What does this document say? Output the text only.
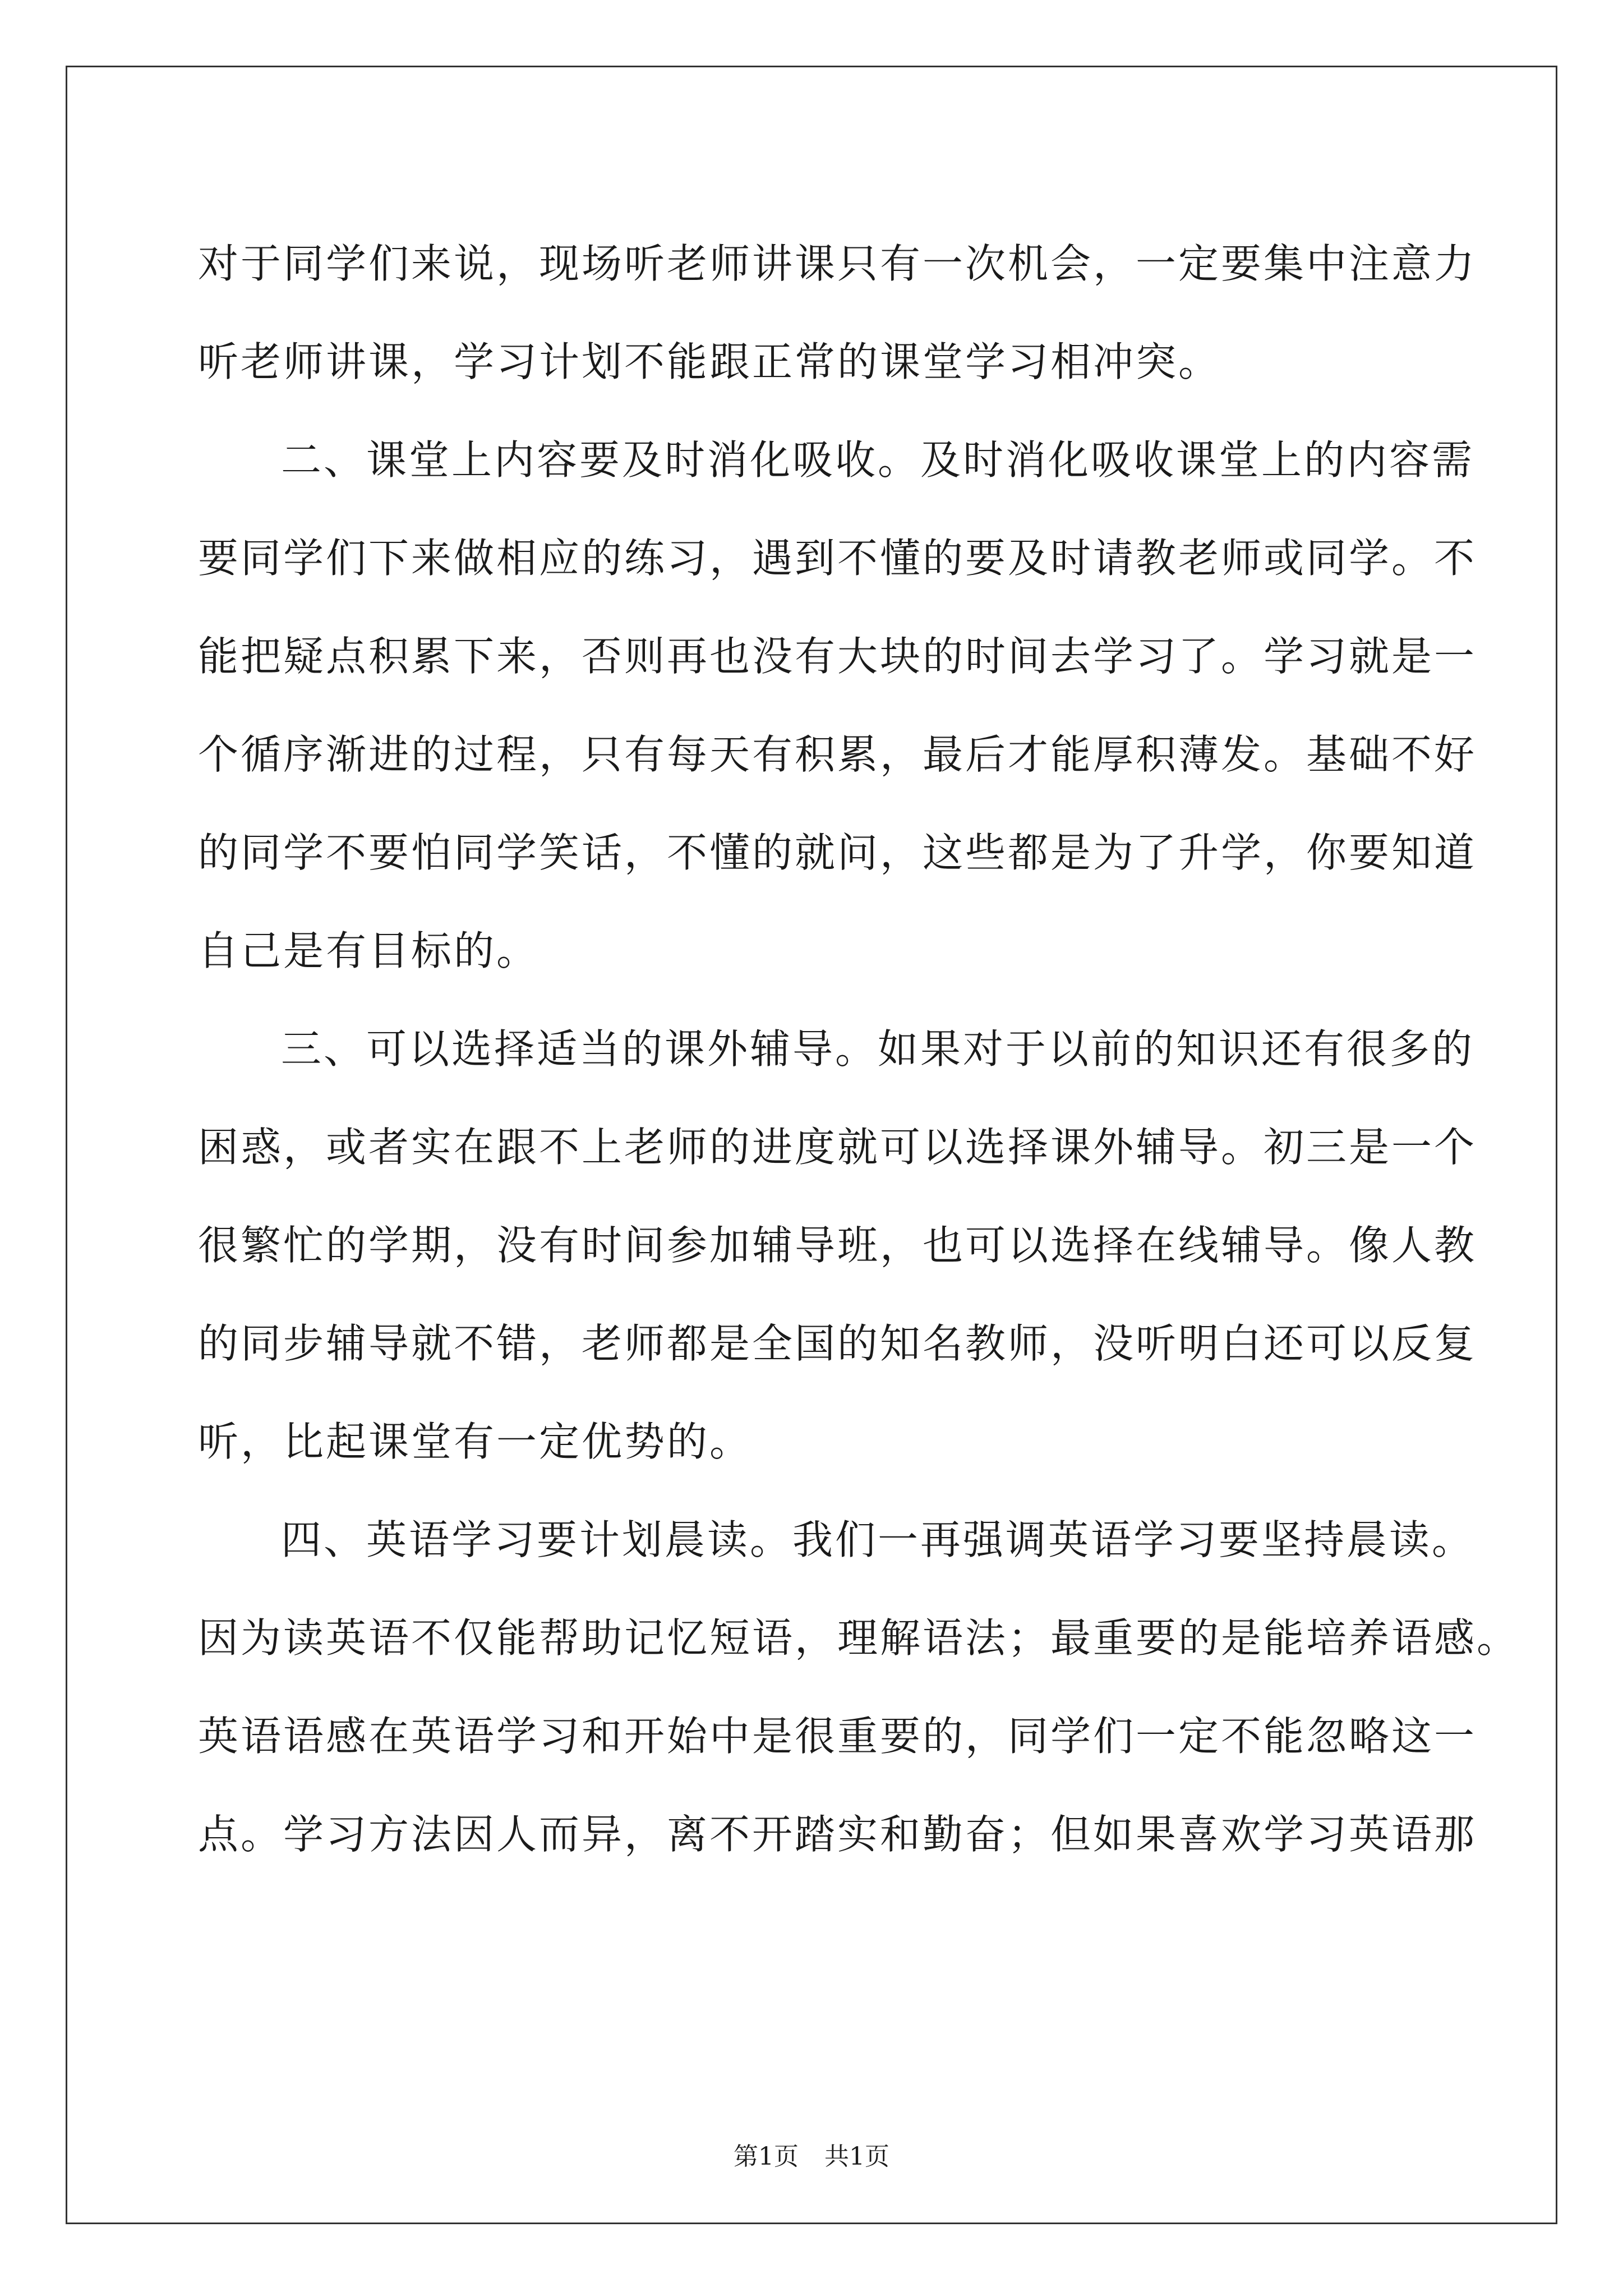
对于同学们来说，现场听老师讲课只有一次机会，一定要集中注意力
听老师讲课，学习计划不能跟正常的课堂学习相冲突。
二、课堂上内容要及时消化吸收。及时消化吸收课堂上的内容需
要同学们下来做相应的练习，遇到不懂的要及时请教老师或同学。不
能把疑点积累下来，否则再也没有大块的时间去学习了。学习就是一
个循序渐进的过程，只有每天有积累，最后才能厚积薄发。基础不好
的同学不要怕同学笑话，不懂的就问，这些都是为了升学，你要知道
自己是有目标的。
三、可以选择适当的课外辅导。如果对于以前的知识还有很多的
困惑，或者实在跟不上老师的进度就可以选择课外辅导。初三是一个
很繁忙的学期，没有时间参加辅导班，也可以选择在线辅导。像人教
的同步辅导就不错，老师都是全国的知名教师，没听明白还可以反复
听，比起课堂有一定优势的。
四、英语学习要计划晨读。我们一再强调英语学习要坚持晨读。
因为读英语不仅能帮助记忆短语，理解语法；最重要的是能培养语感。
英语语感在英语学习和开始中是很重要的，同学们一定不能忽略这一
点。学习方法因人而异，离不开踏实和勤奋；但如果喜欢学习英语那
第1页 共1页
